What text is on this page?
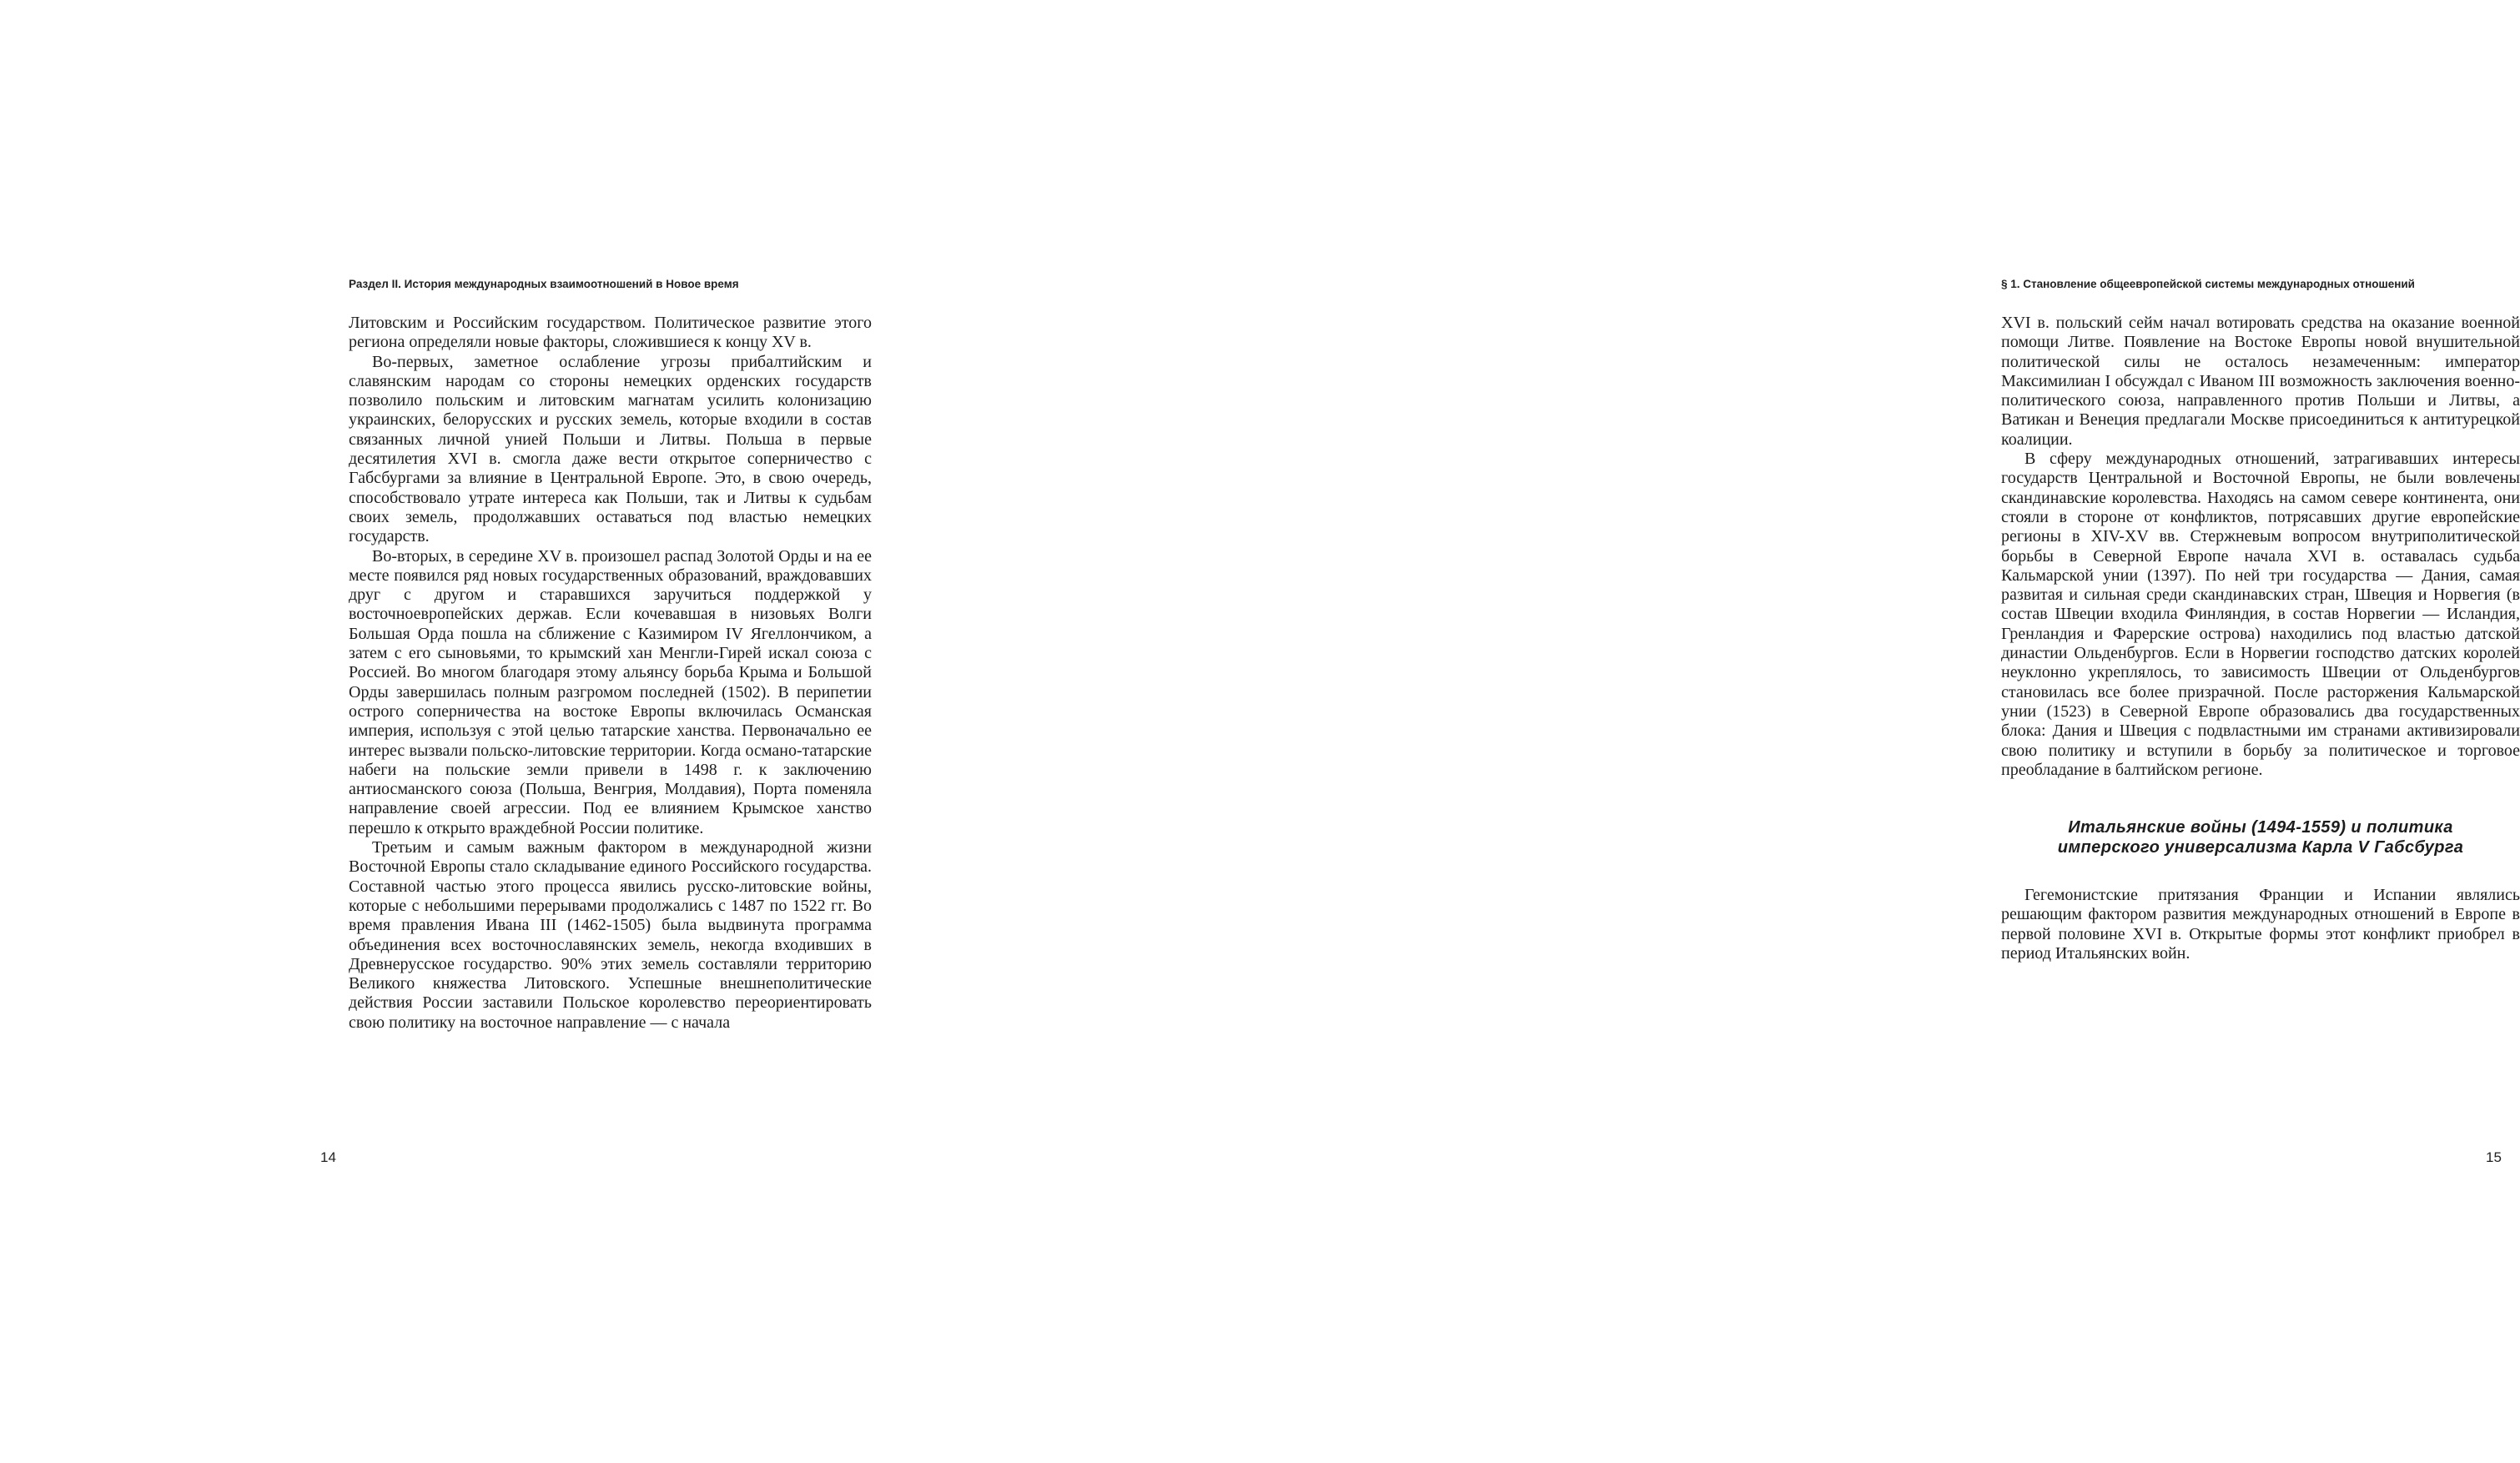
Раздел II. История международных взаимоотношений в Новое время

Литовским и Российским государством. Политическое развитие этого региона определяли новые факторы, сложившиеся к концу XV в.

Во-первых, заметное ослабление угрозы прибалтийским и славянским народам со стороны немецких орденских государств позволило польским и литовским магнатам усилить колонизацию украинских, белорусских и русских земель, которые входили в состав связанных личной унией Польши и Литвы. Польша в первые десятилетия XVI в. смогла даже вести открытое соперничество с Габсбургами за влияние в Центральной Европе. Это, в свою очередь, способствовало утрате интереса как Польши, так и Литвы к судьбам своих земель, продолжавших оставаться под властью немецких государств.

Во-вторых, в середине XV в. произошел распад Золотой Орды и на ее месте появился ряд новых государственных образований, враждовавших друг с другом и старавшихся заручиться поддержкой у восточноевропейских держав. Если кочевавшая в низовьях Волги Большая Орда пошла на сближение с Казимиром IV Ягеллончиком, а затем с его сыновьями, то крымский хан Менгли-Гирей искал союза с Россией. Во многом благодаря этому альянсу борьба Крыма и Большой Орды завершилась полным разгромом последней (1502). В перипетии острого соперничества на востоке Европы включилась Османская империя, используя с этой целью татарские ханства. Первоначально ее интерес вызвали польско-литовские территории. Когда османо-татарские набеги на польские земли привели в 1498 г. к заключению антиосманского союза (Польша, Венгрия, Молдавия), Порта поменяла направление своей агрессии. Под ее влиянием Крымское ханство перешло к открыто враждебной России политике.

Третьим и самым важным фактором в международной жизни Восточной Европы стало складывание единого Российского государства. Составной частью этого процесса явились русско-литовские войны, которые с небольшими перерывами продолжались с 1487 по 1522 гг. Во время правления Ивана III (1462-1505) была выдвинута программа объединения всех восточнославянских земель, некогда входивших в Древнерусское государство. 90% этих земель составляли территорию Великого княжества Литовского. Успешные внешнеполитические действия России заставили Польское королевство переориентировать свою политику на восточное направление — с начала

14
§ 1. Становление общеевропейской системы международных отношений

XVI в. польский сейм начал вотировать средства на оказание военной помощи Литве. Появление на Востоке Европы новой внушительной политической силы не осталось незамеченным: император Максимилиан I обсуждал с Иваном III возможность заключения военно-политического союза, направленного против Польши и Литвы, а Ватикан и Венеция предлагали Москве присоединиться к антитурецкой коалиции.

В сферу международных отношений, затрагивавших интересы государств Центральной и Восточной Европы, не были вовлечены скандинавские королевства. Находясь на самом севере континента, они стояли в стороне от конфликтов, потрясавших другие европейские регионы в XIV-XV вв. Стержневым вопросом внутриполитической борьбы в Северной Европе начала XVI в. оставалась судьба Кальмарской унии (1397). По ней три государства — Дания, самая развитая и сильная среди скандинавских стран, Швеция и Норвегия (в состав Швеции входила Финляндия, в состав Норвегии — Исландия, Гренландия и Фарерские острова) находились под властью датской династии Ольденбургов. Если в Норвегии господство датских королей неуклонно укреплялось, то зависимость Швеции от Ольденбургов становилась все более призрачной. После расторжения Кальмарской унии (1523) в Северной Европе образовались два государственных блока: Дания и Швеция с подвластными им странами активизировали свою политику и вступили в борьбу за политическое и торговое преобладание в балтийском регионе.

Итальянские войны (1494-1559) и политика
имперского универсализма Карла V Габсбурга

Гегемонистские притязания Франции и Испании являлись решающим фактором развития международных отношений в Европе в первой половине XVI в. Открытые формы этот конфликт приобрел в период Итальянских войн.

15
